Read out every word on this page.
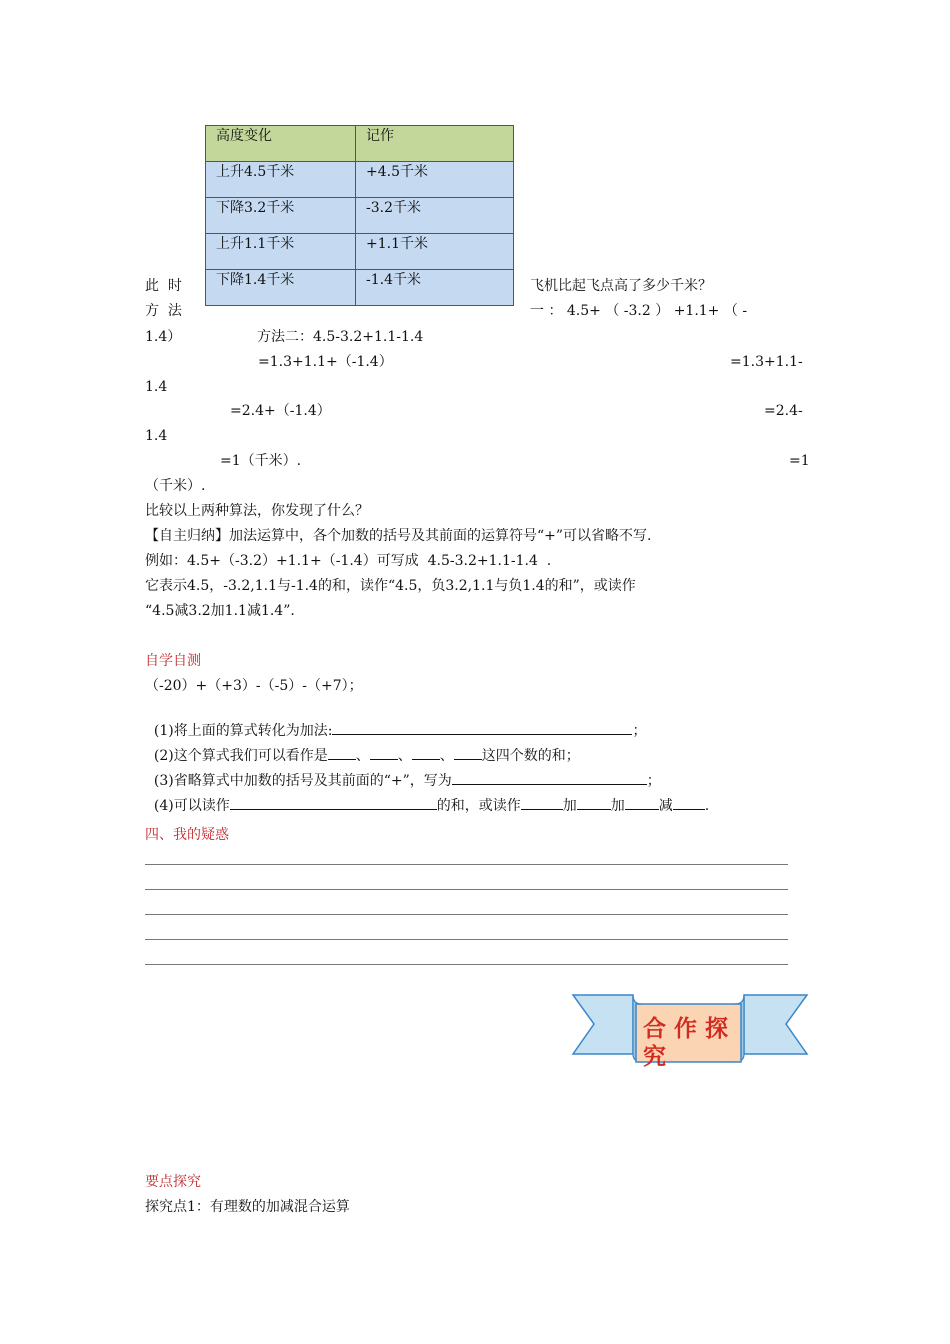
高度变化	记作
上升4.5千米	+4.5千米
下降3.2千米	-3.2千米
上升1.1千米	+1.1千米
下降1.4千米	-1.4千米
此  时
方  法
飞机比起飞点高了多少千米？
一 ： 4.5+ （ -3.2 ） +1.1+ （ -
1.4）	方法二：4.5-3.2+1.1-1.4
=1.3+1.1+（-1.4）	=1.3+1.1-
1.4
=2.4+（-1.4）	=2.4-
1.4
=1（千米）.	=1
（千米）.
比较以上两种算法，你发现了什么？
【自主归纳】加法运算中，各个加数的括号及其前面的运算符号“+”可以省略不写.
例如：4.5+（-3.2）+1.1+（-1.4）可写成  4.5-3.2+1.1-1.4  .
它表示4.5，-3.2,1.1与-1.4的和，读作“4.5，负3.2,1.1与负1.4的和”，或读作
“4.5减3.2加1.1减1.4”.
自学自测
（-20）+（+3）-（-5）-（+7）；

(1)将上面的算式转化为加法:	；

(2)这个算式我们可以看作是 、 、 、 这四个数的和；

(3)省略算式中加数的括号及其前面的“+”，写为	；

(4)可以读作	的和，或读作	加 加 减 .

四、我的疑惑
合 作 探
究
要点探究
探究点1：有理数的加减混合运算
